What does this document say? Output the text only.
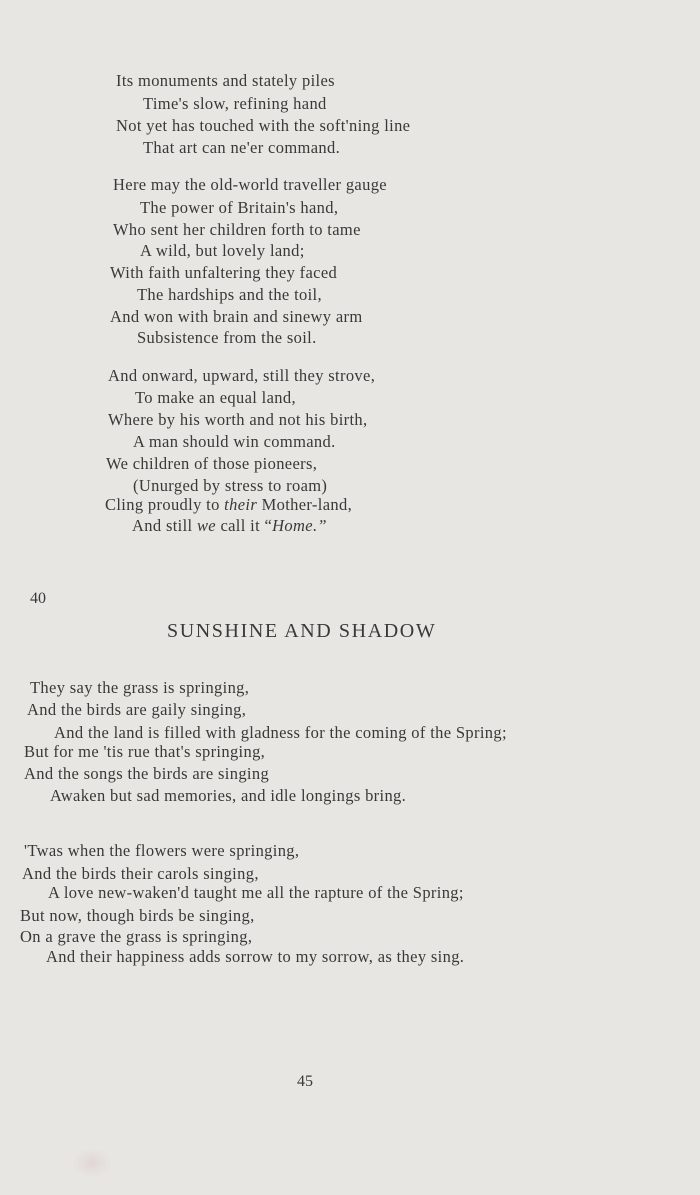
Its monuments and stately piles
Time's slow, refining hand
Not yet has touched with the soft'ning line
That art can ne'er command.
Here may the old-world traveller gauge
The power of Britain's hand,
Who sent her children forth to tame
A wild, but lovely land;
With faith unfaltering they faced
The hardships and the toil,
And won with brain and sinewy arm
Subsistence from the soil.
And onward, upward, still they strove,
To make an equal land,
Where by his worth and not his birth,
A man should win command.
We children of those pioneers,
(Unurged by stress to roam)
Cling proudly to their Mother-land,
And still we call it “Home.”
40
SUNSHINE AND SHADOW
They say the grass is springing,
And the birds are gaily singing,
And the land is filled with gladness for the coming of the Spring;
But for me 'tis rue that's springing,
And the songs the birds are singing
Awaken but sad memories, and idle longings bring.
'Twas when the flowers were springing,
And the birds their carols singing,
A love new-waken'd taught me all the rapture of the Spring;
But now, though birds be singing,
On a grave the grass is springing,
And their happiness adds sorrow to my sorrow, as they sing.
45
